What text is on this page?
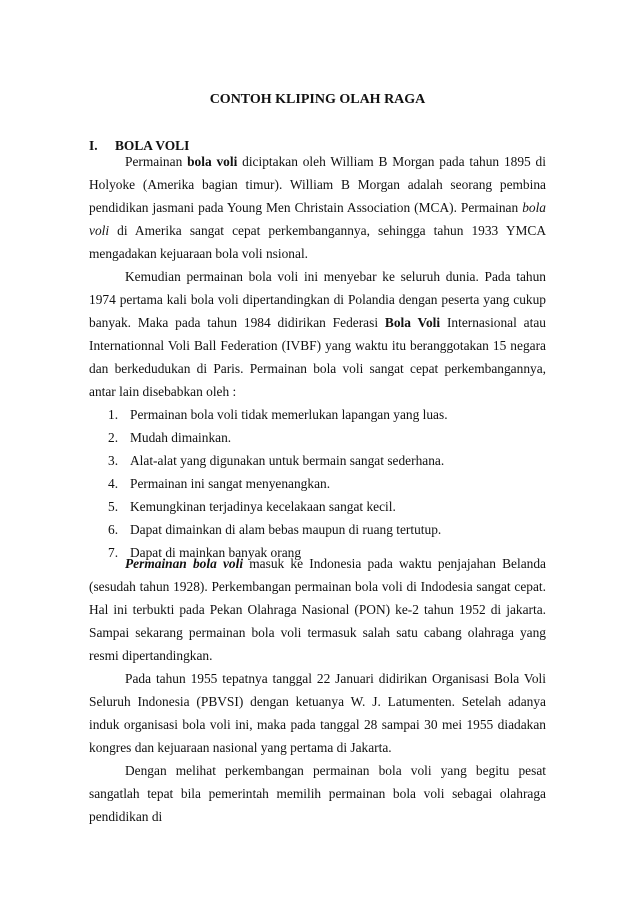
CONTOH KLIPING OLAH RAGA
I. BOLA VOLI

Permainan bola voli diciptakan oleh William B Morgan pada tahun 1895 di Holyoke (Amerika bagian timur). William B Morgan adalah seorang pembina pendidikan jasmani pada Young Men Christain Association (MCA). Permainan bola voli di Amerika sangat cepat perkembangannya, sehingga tahun 1933 YMCA mengadakan kejuaraan bola voli nsional.

Kemudian permainan bola voli ini menyebar ke seluruh dunia. Pada tahun 1974 pertama kali bola voli dipertandingkan di Polandia dengan peserta yang cukup banyak. Maka pada tahun 1984 didirikan Federasi Bola Voli Internasional atau Internationnal Voli Ball Federation (IVBF) yang waktu itu beranggotakan 15 negara dan berkedudukan di Paris. Permainan bola voli sangat cepat perkembangannya, antar lain disebabkan oleh :

1. Permainan bola voli tidak memerlukan lapangan yang luas.
2. Mudah dimainkan.
3. Alat-alat yang digunakan untuk bermain sangat sederhana.
4. Permainan ini sangat menyenangkan.
5. Kemungkinan terjadinya kecelakaan sangat kecil.
6. Dapat dimainkan di alam bebas maupun di ruang tertutup.
7. Dapat di mainkan banyak orang

Permainan bola voli masuk ke Indonesia pada waktu penjajahan Belanda (sesudah tahun 1928). Perkembangan permainan bola voli di Indodesia sangat cepat. Hal ini terbukti pada Pekan Olahraga Nasional (PON) ke-2 tahun 1952 di jakarta. Sampai sekarang permainan bola voli termasuk salah satu cabang olahraga yang resmi dipertandingkan.

Pada tahun 1955 tepatnya tanggal 22 Januari didirikan Organisasi Bola Voli Seluruh Indonesia (PBVSI) dengan ketuanya W. J. Latumenten. Setelah adanya induk organisasi bola voli ini, maka pada tanggal 28 sampai 30 mei 1955 diadakan kongres dan kejuaraan nasional yang pertama di Jakarta.

Dengan melihat perkembangan permainan bola voli yang begitu pesat sangatlah tepat bila pemerintah memilih permainan bola voli sebagai olahraga pendidikan di
